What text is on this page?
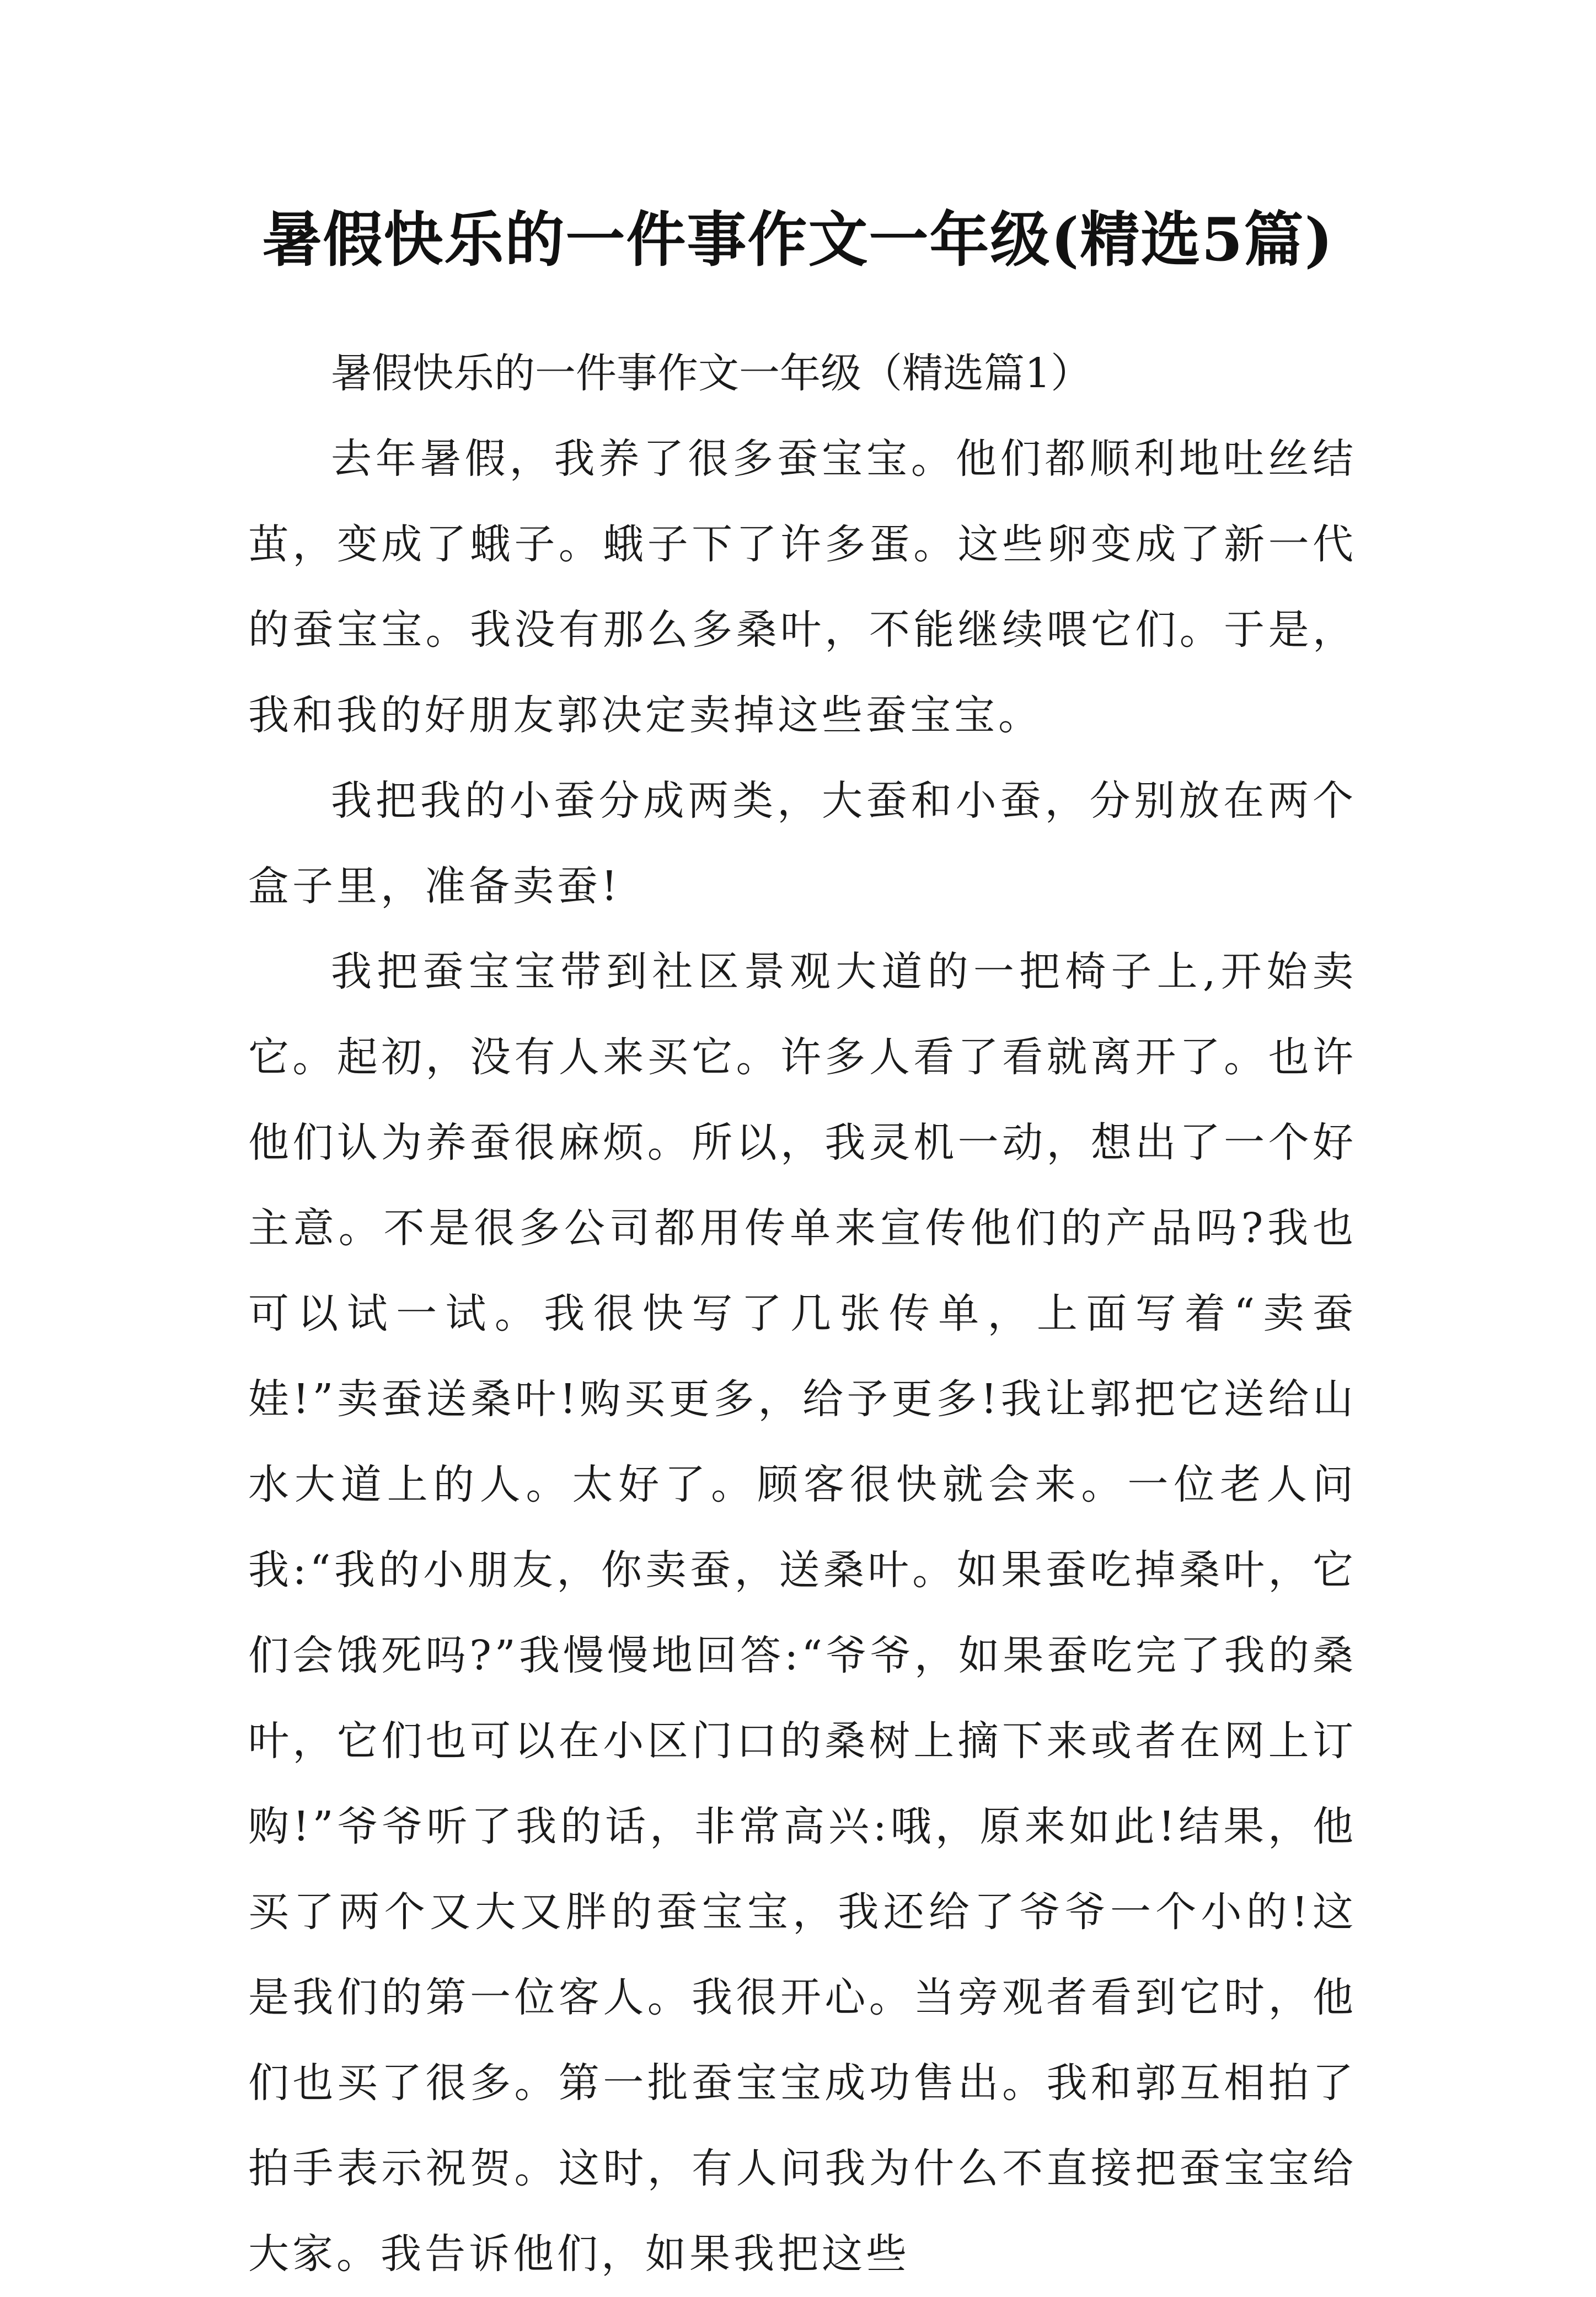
暑假快乐的一件事作文一年级(精选5篇)

暑假快乐的一件事作文一年级（精选篇1）

去年暑假，我养了很多蚕宝宝。他们都顺利地吐丝结茧，变成了蛾子。蛾子下了许多蛋。这些卵变成了新一代的蚕宝宝。我没有那么多桑叶，不能继续喂它们。于是，我和我的好朋友郭决定卖掉这些蚕宝宝。

我把我的小蚕分成两类，大蚕和小蚕，分别放在两个盒子里，准备卖蚕!

我把蚕宝宝带到社区景观大道的一把椅子上,开始卖它。起初，没有人来买它。许多人看了看就离开了。也许他们认为养蚕很麻烦。所以，我灵机一动，想出了一个好主意。不是很多公司都用传单来宣传他们的产品吗?我也可以试一试。我很快写了几张传单，上面写着“卖蚕娃!”卖蚕送桑叶!购买更多，给予更多!我让郭把它送给山水大道上的人。太好了。顾客很快就会来。一位老人问我:“我的小朋友，你卖蚕，送桑叶。如果蚕吃掉桑叶，它们会饿死吗?”我慢慢地回答:“爷爷，如果蚕吃完了我的桑叶，它们也可以在小区门口的桑树上摘下来或者在网上订购!”爷爷听了我的话，非常高兴:哦，原来如此!结果，他买了两个又大又胖的蚕宝宝，我还给了爷爷一个小的!这是我们的第一位客人。我很开心。当旁观者看到它时，他们也买了很多。第一批蚕宝宝成功售出。我和郭互相拍了拍手表示祝贺。这时，有人问我为什么不直接把蚕宝宝给大家。我告诉他们，如果我把这些
